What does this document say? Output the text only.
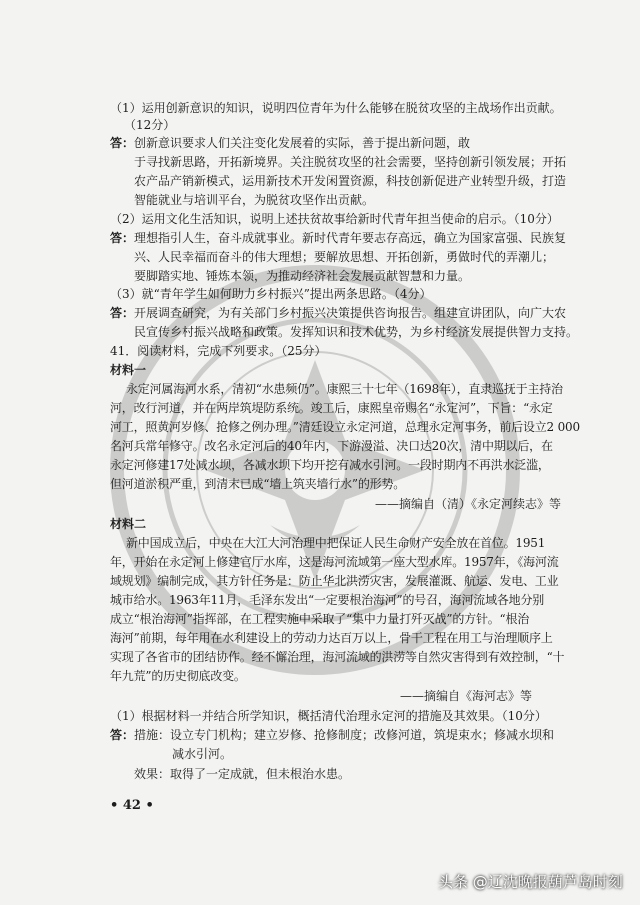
（1）运用创新意识的知识，说明四位青年为什么能够在脱贫攻坚的主战场作出贡献。
（12分）
答： 创新意识要求人们关注变化发展着的实际，善于提出新问题，敢
于寻找新思路，开拓新境界。关注脱贫攻坚的社会需要，坚持创新引领发展；开拓
农产品产销新模式，运用新技术开发闲置资源，科技创新促进产业转型升级，打造
智能就业与培训平台，为脱贫攻坚作出贡献。
（2）运用文化生活知识，说明上述扶贫故事给新时代青年担当使命的启示。（10分）
答： 理想指引人生，奋斗成就事业。新时代青年要志存高远，确立为国家富强、民族复
兴、人民幸福而奋斗的伟大理想；要解放思想、开拓创新，勇做时代的弄潮儿；
要脚踏实地、锤炼本领，为推动经济社会发展贡献智慧和力量。
（3）就“青年学生如何助力乡村振兴”提出两条思路。（4分）
答： 开展调查研究，为有关部门乡村振兴决策提供咨询报告。组建宣讲团队，向广大农
民宣传乡村振兴战略和政策。发挥知识和技术优势，为乡村经济发展提供智力支持。
41．阅读材料，完成下列要求。（25分）
材料一
永定河属海河水系，清初“水患频仍”。康熙三十七年（1698年），直隶巡抚于主持治
河，改行河道，并在两岸筑堤防系统。竣工后，康熙皇帝赐名“永定河”，下旨：“永定
河工，照黄河岁修、抢修之例办理。”清廷设立永定河道，总理永定河事务，前后设立2 000
名河兵常年修守。改名永定河后的40年内，下游漫溢、决口达20次，清中期以后，在
永定河修建17处减水坝，各减水坝下均开挖有减水引河。一段时期内不再洪水泛滥，
但河道淤积严重，到清末已成“墙上筑夹墙行水”的形势。
——摘编自（清）《永定河续志》等
材料二
新中国成立后，中央在大江大河治理中把保证人民生命财产安全放在首位。1951
年，开始在永定河上修建官厅水库，这是海河流域第一座大型水库。1957年，《海河流
域规划》编制完成，其方针任务是：防止华北洪涝灾害，发展灌溉、航运、发电、工业
城市给水。1963年11月，毛泽东发出“一定要根治海河”的号召，海河流域各地分别
成立“根治海河”指挥部，在工程实施中采取了“集中力量打歼灭战”的方针。“根治
海河”前期，每年用在水利建设上的劳动力达百万以上，骨干工程在用工与治理顺序上
实现了各省市的团结协作。经不懈治理，海河流域的洪涝等自然灾害得到有效控制，“十
年九荒”的历史彻底改变。
——摘编自《海河志》等
（1）根据材料一并结合所学知识，概括清代治理永定河的措施及其效果。（10分）
答： 措施：设立专门机构；建立岁修、抢修制度；改修河道，筑堤束水；修减水坝和
减水引河。
效果：取得了一定成就，但未根治水患。
• 42 •
头条 @辽沈晚报葫芦岛时刻
